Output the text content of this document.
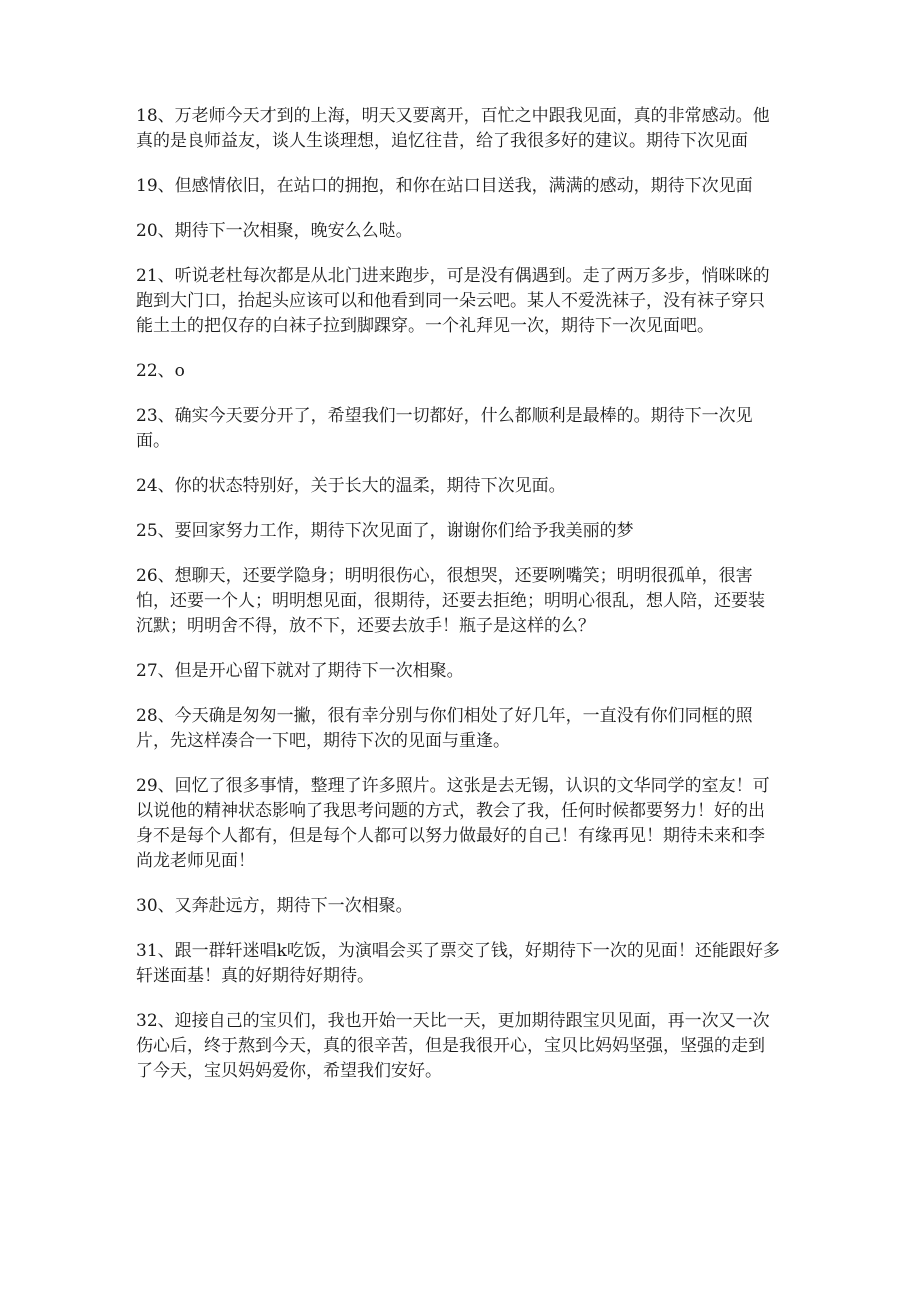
18、万老师今天才到的上海，明天又要离开，百忙之中跟我见面，真的非常感动。他真的是良师益友，谈人生谈理想，追忆往昔，给了我很多好的建议。期待下次见面

19、但感情依旧，在站口的拥抱，和你在站口目送我，满满的感动，期待下次见面

20、期待下一次相聚，晚安么么哒。

21、听说老杜每次都是从北门进来跑步，可是没有偶遇到。走了两万多步，悄咪咪的跑到大门口，抬起头应该可以和他看到同一朵云吧。某人不爱洗袜子，没有袜子穿只能土土的把仅存的白袜子拉到脚踝穿。一个礼拜见一次，期待下一次见面吧。

22、o

23、确实今天要分开了，希望我们一切都好，什么都顺利是最棒的。期待下一次见面。

24、你的状态特别好，关于长大的温柔，期待下次见面。

25、要回家努力工作，期待下次见面了，谢谢你们给予我美丽的梦

26、想聊天，还要学隐身；明明很伤心，很想哭，还要咧嘴笑；明明很孤单，很害怕，还要一个人；明明想见面，很期待，还要去拒绝；明明心很乱，想人陪，还要装沉默；明明舍不得，放不下，还要去放手！瓶子是这样的么？

27、但是开心留下就对了期待下一次相聚。

28、今天确是匆匆一撇，很有幸分别与你们相处了好几年，一直没有你们同框的照片，先这样凑合一下吧，期待下次的见面与重逢。

29、回忆了很多事情，整理了许多照片。这张是去无锡，认识的文华同学的室友！可以说他的精神状态影响了我思考问题的方式，教会了我，任何时候都要努力！好的出身不是每个人都有，但是每个人都可以努力做最好的自己！有缘再见！期待未来和李尚龙老师见面！

30、又奔赴远方，期待下一次相聚。

31、跟一群轩迷唱k吃饭，为演唱会买了票交了钱，好期待下一次的见面！还能跟好多轩迷面基！真的好期待好期待。

32、迎接自己的宝贝们，我也开始一天比一天，更加期待跟宝贝见面，再一次又一次伤心后，终于熬到今天，真的很辛苦，但是我很开心，宝贝比妈妈坚强，坚强的走到了今天，宝贝妈妈爱你，希望我们安好。
